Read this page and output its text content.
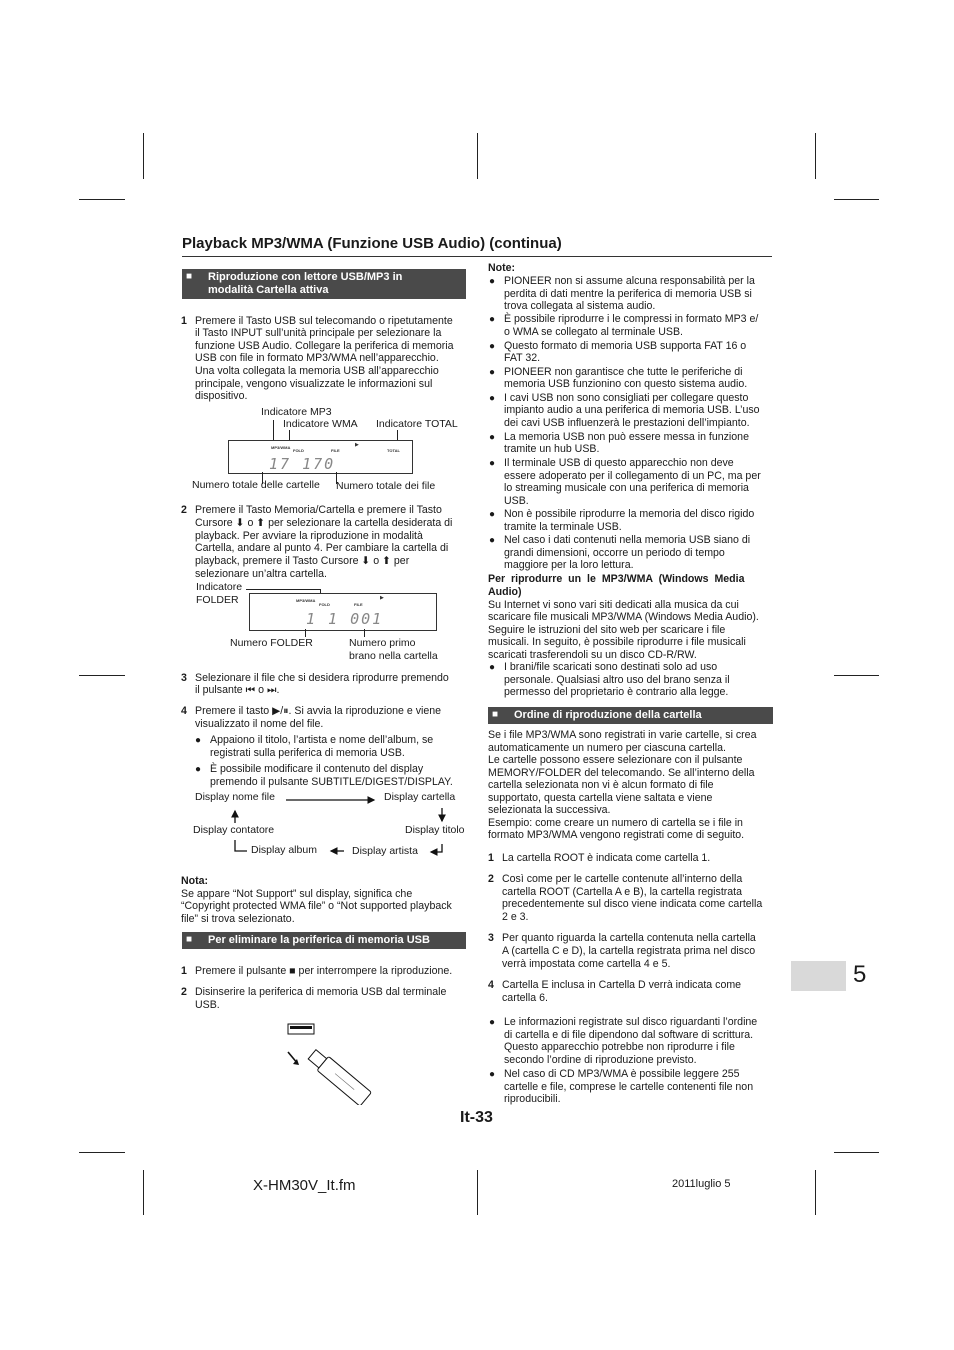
Playback MP3/WMA (Funzione USB Audio) (continua)
■ Riproduzione con lettore USB/MP3 in
modalità Cartella attiva
1 Premere il Tasto USB sul telecomando o ripetutamente
il Tasto INPUT sull’unità principale per selezionare la
funzione USB Audio. Collegare la periferica di memoria
USB con file in formato MP3/WMA nell’apparecchio.
Una volta collegata la memoria USB all’apparecchio
principale, vengono visualizzate le informazioni sul
dispositivo.
Indicatore MP3
Indicatore WMA Indicatore TOTAL
MP3/WMA
FOLD	FILE	TOTAL
▶
17 170
Numero totale delle cartelle Numero totale dei file
2 Premere il Tasto Memoria/Cartella e premere il Tasto
Cursore ⬇ o ⬆ per selezionare la cartella desiderata di
playback. Per avviare la riproduzione in modalità
Cartella, andare al punto 4. Per cambiare la cartella di
playback, premere il Tasto Cursore ⬇ o ⬆ per
selezionare un’altra cartella.
Indicatore
FOLDER	MP3/WMA
FOLD	FILE
▶
1 1 001
Numero FOLDER	Numero primo
brano nella cartella
3 Selezionare il file che si desidera riprodurre premendo
il pulsante ⏮ o ⏭.
4 Premere il tasto ▶/⏸. Si avvia la riproduzione e viene
visualizzato il nome del file.
● Appaiono il titolo, l’artista e nome dell’album, se
registrati sulla periferica di memoria USB.
● È possibile modificare il contenuto del display
premendo il pulsante SUBTITLE/DIGEST/DISPLAY.
Display nome file	Display cartella
Display contatore	Display titolo
Display album	Display artista
Nota:
Se appare “Not Support” sul display, significa che
“Copyright protected WMA file” o “Not supported playback
file” si trova selezionato.
■ Per eliminare la periferica di memoria USB
1 Premere il pulsante ■ per interrompere la riproduzione.
2 Disinserire la periferica di memoria USB dal terminale
USB.
Note:
● PIONEER non si assume alcuna responsabilità per la
perdita di dati mentre la periferica di memoria USB si
trova collegata al sistema audio.
● È possibile riprodurre i le compressi in formato MP3 e/
o WMA se collegato al terminale USB.
● Questo formato di memoria USB supporta FAT 16 o
FAT 32.
● PIONEER non garantisce che tutte le periferiche di
memoria USB funzionino con questo sistema audio.
● I cavi USB non sono consigliati per collegare questo
impianto audio a una periferica di memoria USB. L’uso
dei cavi USB influenzerà le prestazioni dell’impianto.
● La memoria USB non può essere messa in funzione
tramite un hub USB.
● Il terminale USB di questo apparecchio non deve
essere adoperato per il collegamento di un PC, ma per
lo streaming musicale con una periferica di memoria
USB.
● Non è possibile riprodurre la memoria del disco rigido
tramite la terminale USB.
● Nel caso i dati contenuti nella memoria USB siano di
grandi dimensioni, occorre un periodo di tempo
maggiore per la loro lettura.
Per riprodurre un le MP3/WMA (Windows Media
Audio)
Su Internet vi sono vari siti dedicati alla musica da cui
scaricare file musicali MP3/WMA (Windows Media Audio).
Seguire le istruzioni del sito web per scaricare i file
musicali. In seguito, è possibile riprodurre i file musicali
scaricati trasferendoli su un disco CD-R/RW.
● I brani/file scaricati sono destinati solo ad uso
personale. Qualsiasi altro uso del brano senza il
permesso del proprietario è contrario alla legge.
■ Ordine di riproduzione della cartella
Se i file MP3/WMA sono registrati in varie cartelle, si crea
automaticamente un numero per ciascuna cartella.
Le cartelle possono essere selezionare con il pulsante
MEMORY/FOLDER del telecomando. Se all’interno della
cartella selezionata non vi è alcun formato di file
supportato, questa cartella viene saltata e viene
selezionata la successiva.
Esempio: come creare un numero di cartella se i file in
formato MP3/WMA vengono registrati come di seguito.
1 La cartella ROOT è indicata come cartella 1.
2 Così come per le cartelle contenute all’interno della
cartella ROOT (Cartella A e B), la cartella registrata
precedentemente sul disco viene indicata come cartella
2 e 3.
3 Per quanto riguarda la cartella contenuta nella cartella
A (cartella C e D), la cartella registrata prima nel disco
verrà impostata come cartella 4 e 5.
4 Cartella E inclusa in Cartella D verrà indicata come
cartella 6.
● Le informazioni registrate sul disco riguardanti l’ordine
di cartella e di file dipendono dal software di scrittura.
Questo apparecchio potrebbe non riprodurre i file
secondo l’ordine di riproduzione previsto.
● Nel caso di CD MP3/WMA è possibile leggere 255
cartelle e file, comprese le cartelle contenenti file non
riproducibili.
5
It-33
X-HM30V_It.fm	2011luglio 5
